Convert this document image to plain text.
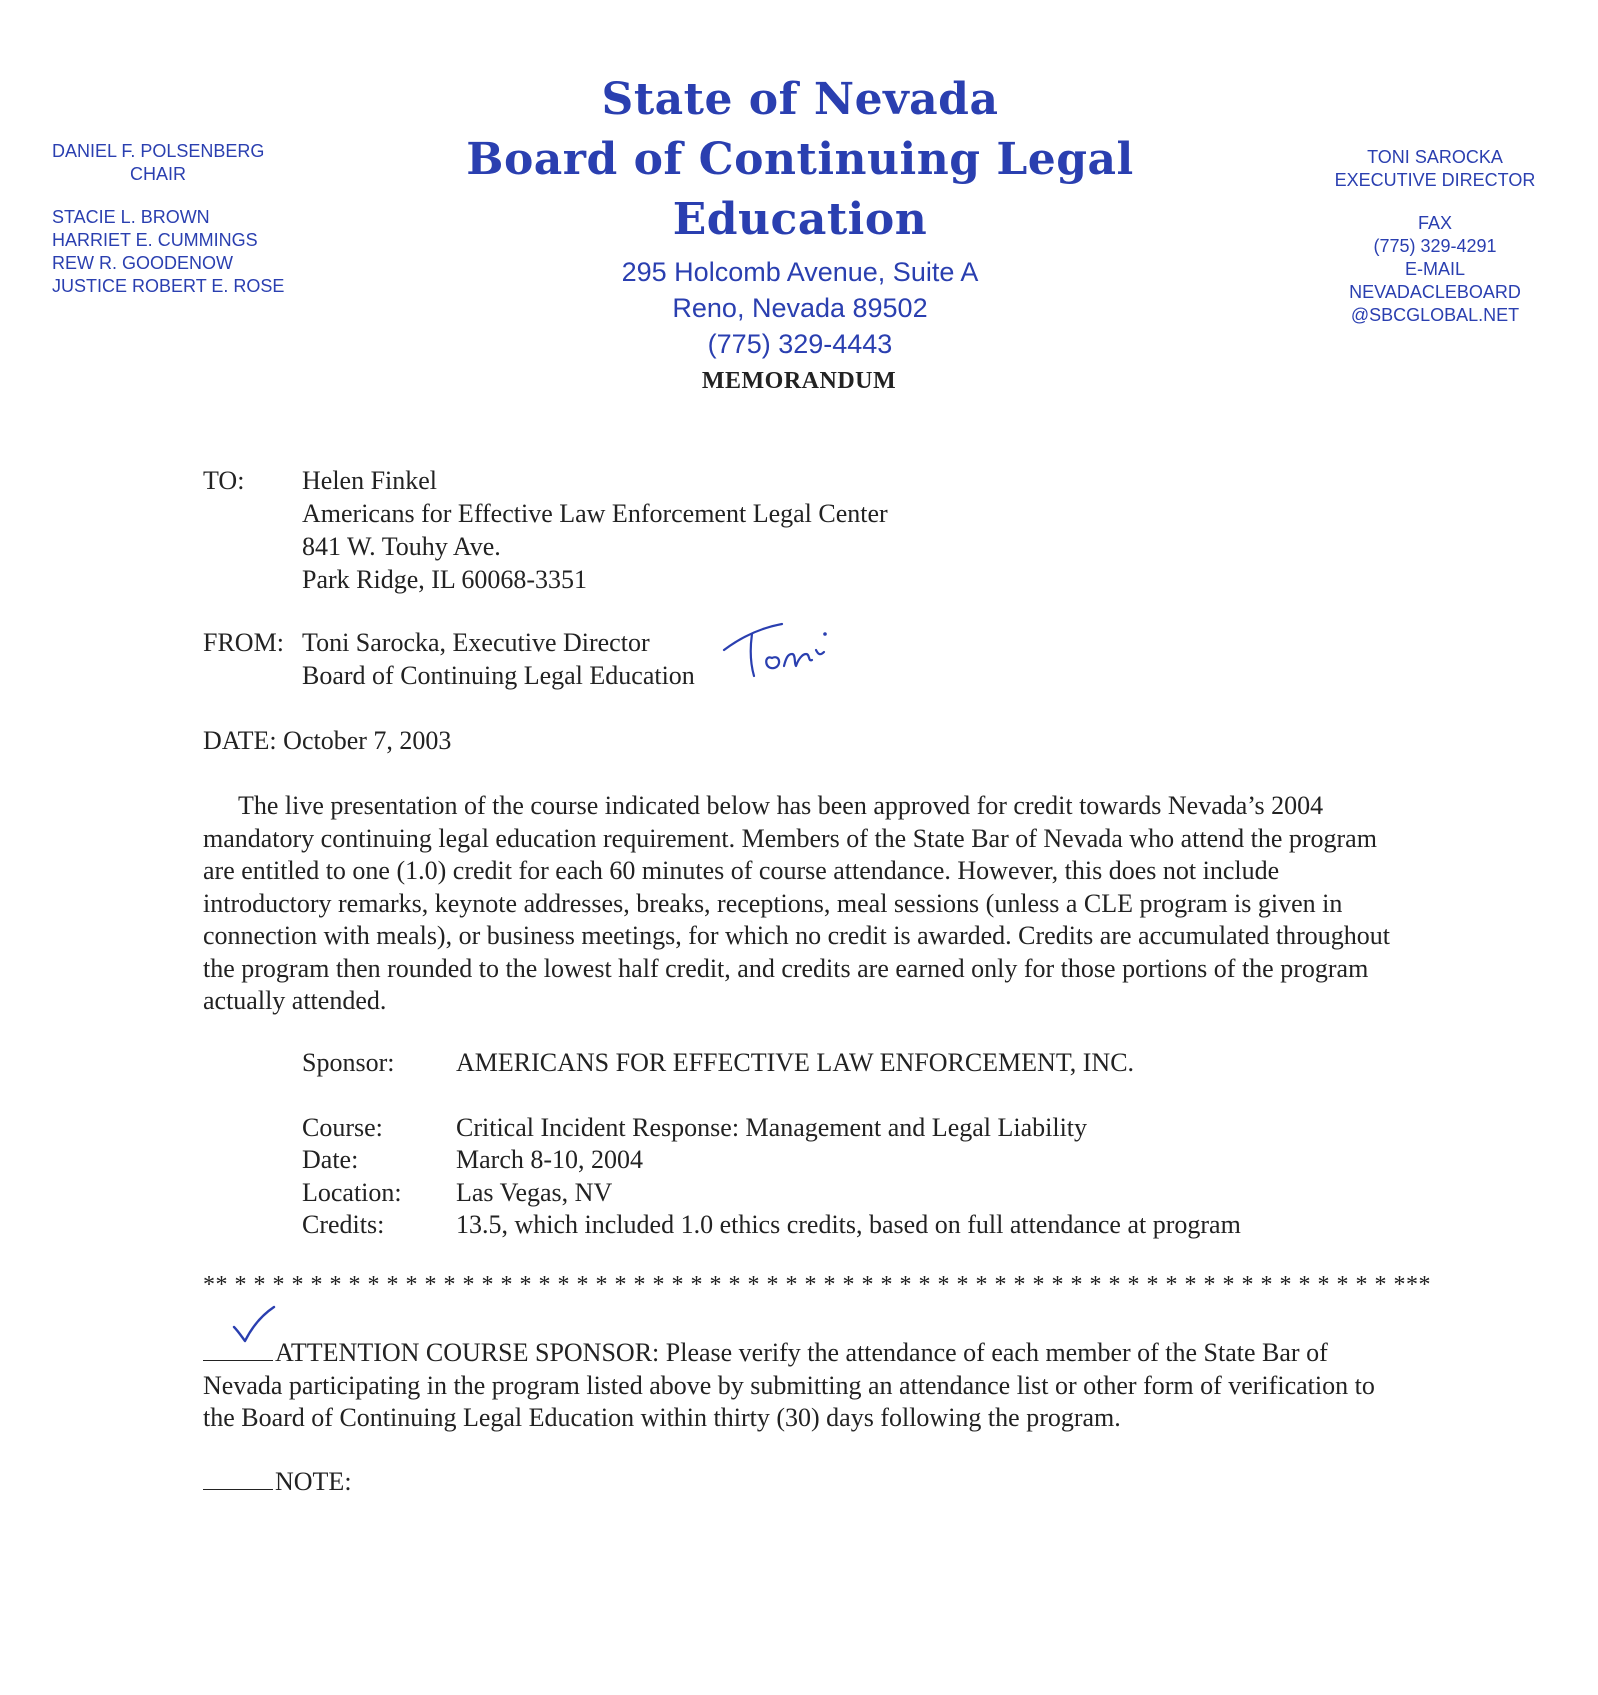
DANIEL F. POLSENBERG
CHAIR
STACIE L. BROWN
HARRIET E. CUMMINGS
REW R. GOODENOW
JUSTICE ROBERT E. ROSE
State of Nevada
Board of Continuing Legal Education
295 Holcomb Avenue, Suite A
Reno, Nevada 89502
(775) 329-4443
TONI SAROCKA
EXECUTIVE DIRECTOR
FAX
(775) 329-4291
E-MAIL
NEVADACLEBOARD
@SBCGLOBAL.NET
MEMORANDUM
TO: Helen Finkel
Americans for Effective Law Enforcement Legal Center
841 W. Touhy Ave.
Park Ridge, IL 60068-3351
FROM: Toni Sarocka, Executive Director
Board of Continuing Legal Education
DATE: October 7, 2003
The live presentation of the course indicated below has been approved for credit towards Nevada’s 2004 mandatory continuing legal education requirement. Members of the State Bar of Nevada who attend the program are entitled to one (1.0) credit for each 60 minutes of course attendance. However, this does not include introductory remarks, keynote addresses, breaks, receptions, meal sessions (unless a CLE program is given in connection with meals), or business meetings, for which no credit is awarded. Credits are accumulated throughout the program then rounded to the lowest half credit, and credits are earned only for those portions of the program actually attended.
Sponsor:	AMERICANS FOR EFFECTIVE LAW ENFORCEMENT, INC.
Course:	Critical Incident Response: Management and Legal Liability
Date:	March 8-10, 2004
Location:	Las Vegas, NV
Credits:	13.5, which included 1.0 ethics credits, based on full attendance at program
** * * * * * * * * * * * * * * * * * * * * * * * * * * * * * * * * * * * * * * * * * * * * * * * * * * * * * * * * * * * * * ***
ATTENTION COURSE SPONSOR: Please verify the attendance of each member of the State Bar of Nevada participating in the program listed above by submitting an attendance list or other form of verification to the Board of Continuing Legal Education within thirty (30) days following the program.
NOTE:
